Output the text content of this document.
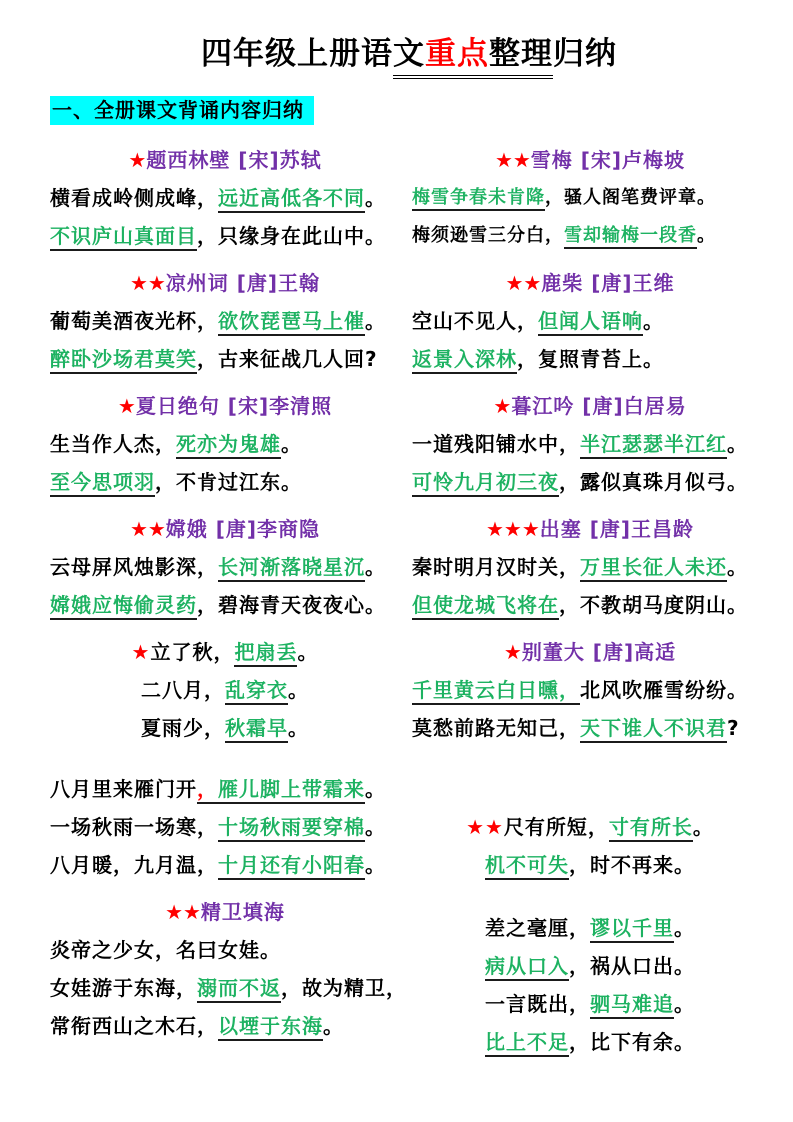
四年级上册语文重点整理归纳
一、全册课文背诵内容归纳
★题西林壁 [宋]苏轼
横看成岭侧成峰，远近高低各不同。
不识庐山真面目，只缘身在此山中。
★★凉州词 [唐]王翰
葡萄美酒夜光杯，欲饮琵琶马上催。
醉卧沙场君莫笑，古来征战几人回?
★夏日绝句 [宋]李清照
生当作人杰，死亦为鬼雄。
至今思项羽，不肯过江东。
★★嫦娥 [唐]李商隐
云母屏风烛影深，长河渐落晓星沉。
嫦娥应悔偷灵药，碧海青天夜夜心。
★立了秋，把扇丢。
二八月，乱穿衣。
夏雨少，秋霜早。
八月里来雁门开，雁儿脚上带霜来。
一场秋雨一场寒，十场秋雨要穿棉。
八月暖，九月温，十月还有小阳春。
★★精卫填海
炎帝之少女，名曰女娃。
女娃游于东海，溺而不返，故为精卫，
常衔西山之木石，以堙于东海。
★★雪梅 [宋]卢梅坡
梅雪争春未肯降，骚人阁笔费评章。
梅须逊雪三分白，雪却输梅一段香。
★★鹿柴 [唐]王维
空山不见人，但闻人语响。
返景入深林，复照青苔上。
★暮江吟 [唐]白居易
一道残阳铺水中，半江瑟瑟半江红。
可怜九月初三夜，露似真珠月似弓。
★★★出塞 [唐]王昌龄
秦时明月汉时关，万里长征人未还。
但使龙城飞将在，不教胡马度阴山。
★别董大 [唐]高适
千里黄云白日曛，北风吹雁雪纷纷。
莫愁前路无知己，天下谁人不识君?
★★尺有所短，寸有所长。
机不可失，时不再来。
差之毫厘，谬以千里。
病从口入，祸从口出。
一言既出，驷马难追。
比上不足，比下有余。
